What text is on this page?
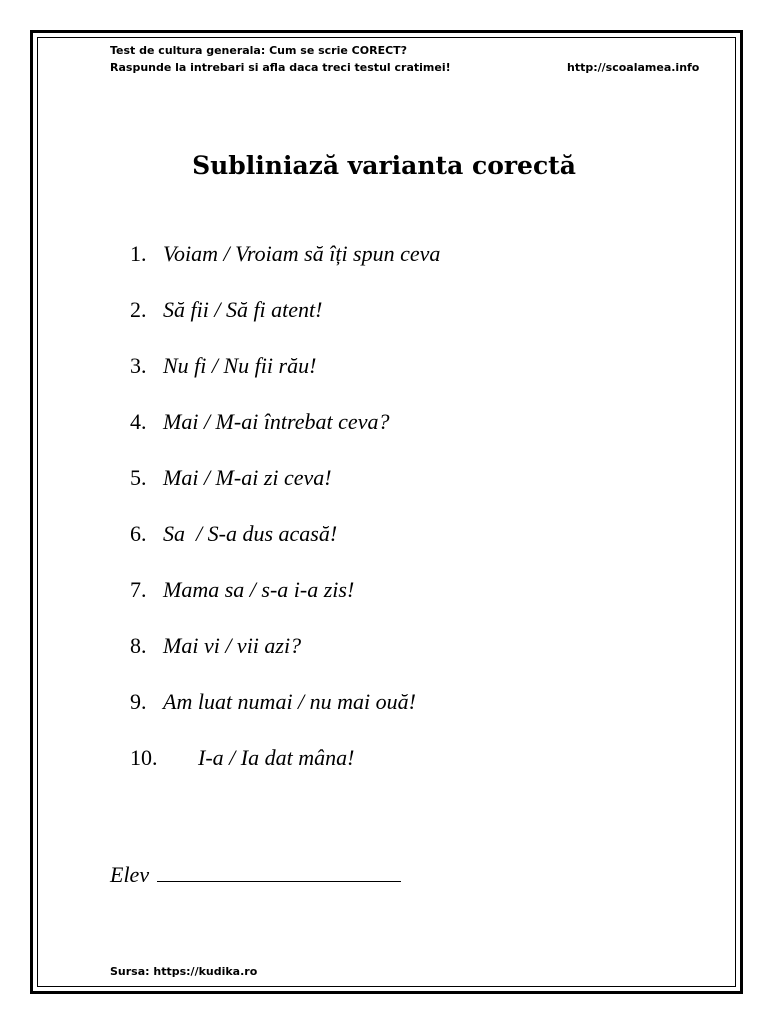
Test de cultura generala: Cum se scrie CORECT?
Raspunde la intrebari si afla daca treci testul cratimei!	http://scoalamea.info
Subliniază varianta corectă
1. Voiam / Vroiam să îți spun ceva
2. Să fii / Să fi atent!
3. Nu fi / Nu fii rău!
4. Mai / M-ai întrebat ceva?
5. Mai / M-ai zi ceva!
6. Sa  / S-a dus acasă!
7. Mama sa / s-a i-a zis!
8. Mai vi / vii azi?
9. Am luat numai / nu mai ouă!
10. I-a / Ia dat mâna!
Elev
Sursa: https://kudika.ro
